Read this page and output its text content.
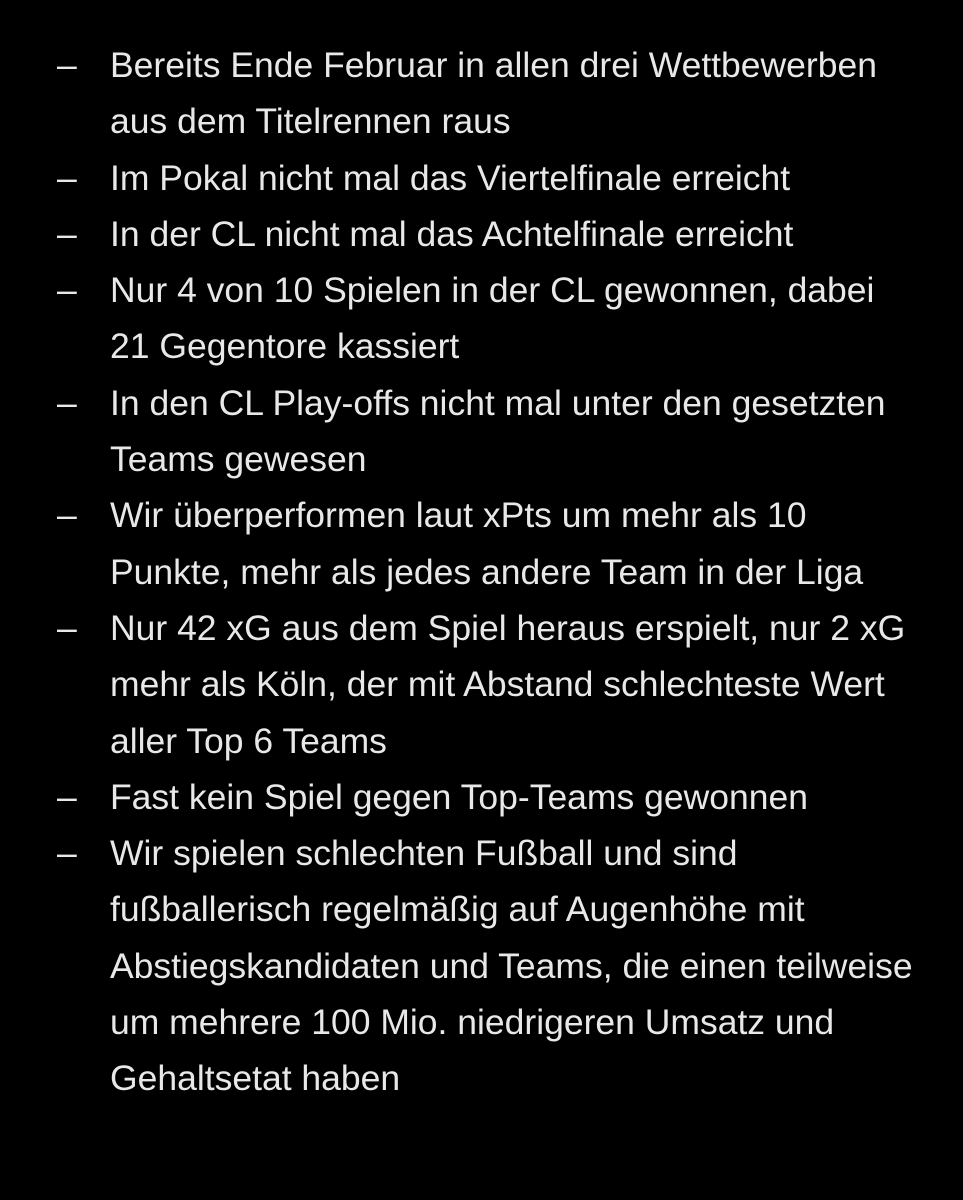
– Bereits Ende Februar in allen drei Wettbewerben aus dem Titelrennen raus
– Im Pokal nicht mal das Viertelfinale erreicht
– In der CL nicht mal das Achtelfinale erreicht
– Nur 4 von 10 Spielen in der CL gewonnen, dabei 21 Gegentore kassiert
– In den CL Play-offs nicht mal unter den gesetzten Teams gewesen
– Wir überperformen laut xPts um mehr als 10 Punkte, mehr als jedes andere Team in der Liga
– Nur 42 xG aus dem Spiel heraus erspielt, nur 2 xG mehr als Köln, der mit Abstand schlechteste Wert aller Top 6 Teams
– Fast kein Spiel gegen Top-Teams gewonnen
– Wir spielen schlechten Fußball und sind fußballerisch regelmäßig auf Augenhöhe mit Abstiegskandidaten und Teams, die einen teilweise um mehrere 100 Mio. niedrigeren Umsatz und Gehaltsetat haben
